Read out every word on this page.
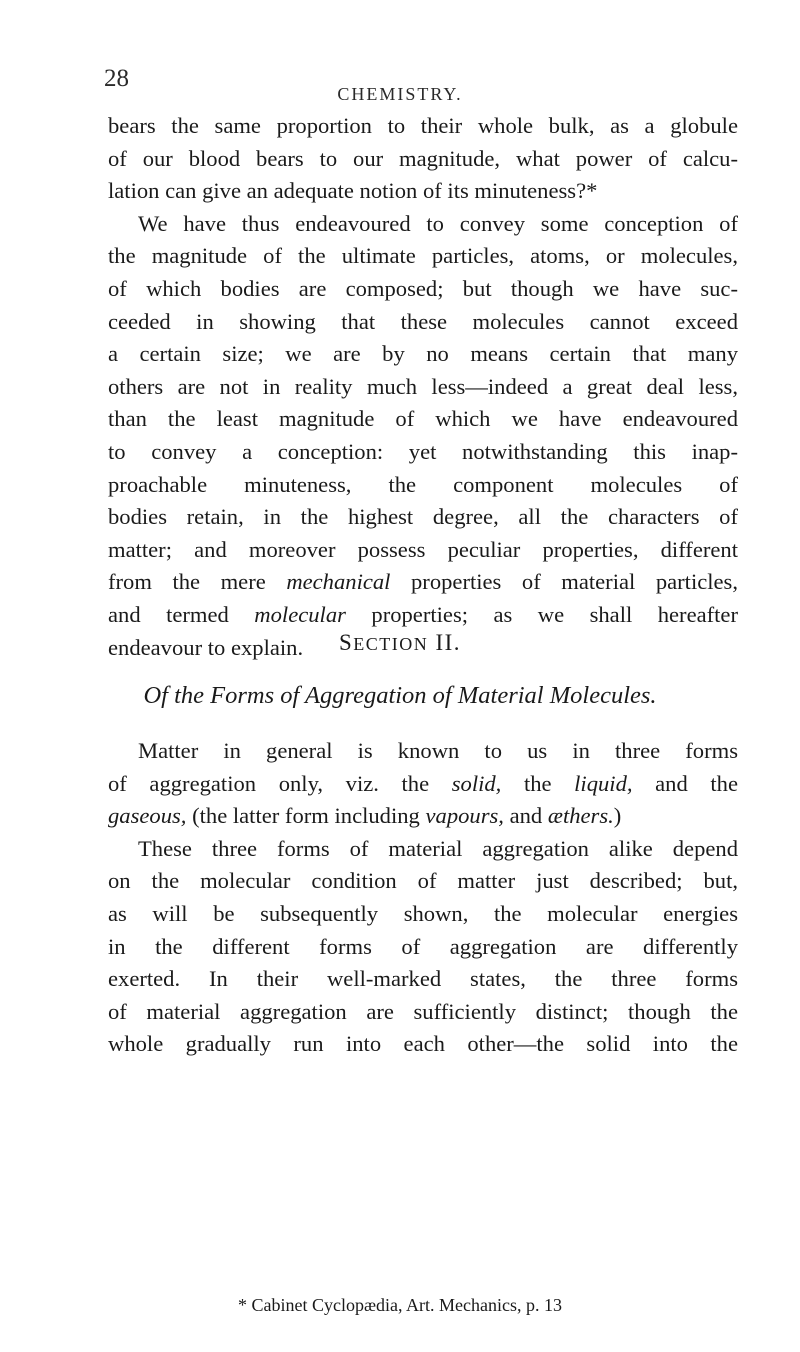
28
CHEMISTRY.
bears the same proportion to their whole bulk, as a globule
of our blood bears to our magnitude, what power of calcu-
lation can give an adequate notion of its minuteness?*
We have thus endeavoured to convey some conception of
the magnitude of the ultimate particles, atoms, or molecules,
of which bodies are composed; but though we have suc-
ceeded in showing that these molecules cannot exceed
a certain size; we are by no means certain that many
others are not in reality much less—indeed a great deal less,
than the least magnitude of which we have endeavoured
to convey a conception: yet notwithstanding this inap-
proachable minuteness, the component molecules of
bodies retain, in the highest degree, all the characters of
matter; and moreover possess peculiar properties, different
from the mere mechanical properties of material particles,
and termed molecular properties; as we shall hereafter
endeavour to explain.	SECTION II.
Of the Forms of Aggregation of Material Molecules.
Matter in general is known to us in three forms
of aggregation only, viz. the solid, the liquid, and the
gaseous, (the latter form including vapours, and æthers.)
These three forms of material aggregation alike depend
on the molecular condition of matter just described; but,
as will be subsequently shown, the molecular energies
in the different forms of aggregation are differently
exerted. In their well-marked states, the three forms
of material aggregation are sufficiently distinct; though the
whole gradually run into each other—the solid into the
* Cabinet Cyclopædia, Art. Mechanics, p. 13
